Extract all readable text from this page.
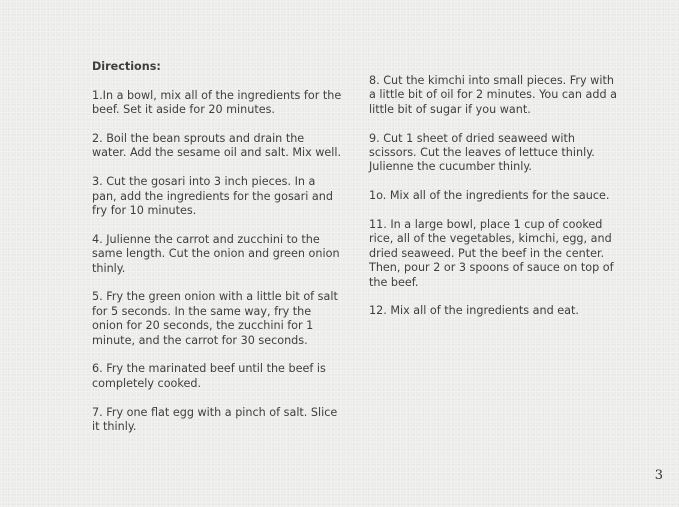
Directions:
1.In a bowl, mix all of the ingredients for the beef. Set it aside for 20 minutes.
2. Boil the bean sprouts and drain the water. Add the sesame oil and salt. Mix well.
3. Cut the gosari into 3 inch pieces. In a pan, add the ingredients for the gosari and fry for 10 minutes.
4. Julienne the carrot and zucchini to the same length. Cut the onion and green onion thinly.
5. Fry the green onion with a little bit of salt for 5 seconds. In the same way, fry the onion for 20 seconds, the zucchini for 1 minute, and the carrot for 30 seconds.
6. Fry the marinated beef until the beef is completely cooked.
7. Fry one flat egg with a pinch of salt. Slice it thinly.
8. Cut the kimchi into small pieces. Fry with a little bit of oil for 2 minutes. You can add a little bit of sugar if you want.
9. Cut 1 sheet of dried seaweed with scissors. Cut the leaves of lettuce thinly.
Julienne the cucumber thinly.
1o. Mix all of the ingredients for the sauce.
11. In a large bowl, place 1 cup of cooked rice, all of the vegetables, kimchi, egg, and dried seaweed. Put the beef in the center. Then, pour 2 or 3 spoons of sauce on top of the beef.
12. Mix all of the ingredients and eat.
3
